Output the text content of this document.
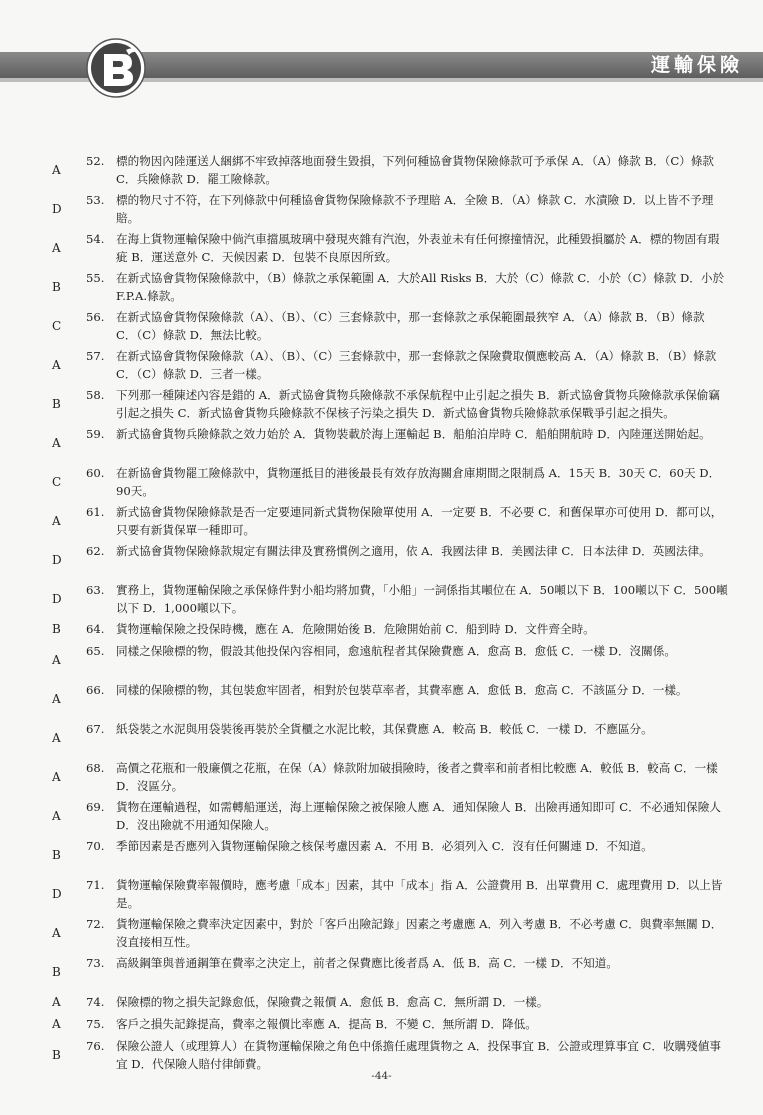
運輸保險
A
52. 標的物因內陸運送人綑綁不牢致掉落地面發生毀損，下列何種協會貨物保險條款可予承保 A．（A）條款 B．（C）條款 C．兵險條款 D．罷工險條款。
D
53. 標的物尺寸不符，在下列條款中何種協會貨物保險條款不予理賠 A．全險 B．（A）條款 C．水漬險 D．以上皆不予理賠。
A
54. 在海上貨物運輸保險中倘汽車擋風玻璃中發現夾雜有汽泡，外表並未有任何擦撞情況，此種毀損屬於 A．標的物固有瑕疵 B．運送意外 C．天候因素 D．包裝不良原因所致。
B
55. 在新式協會貨物保險條款中，（B）條款之承保範圍 A．大於All Risks B．大於（C）條款 C．小於（C）條款 D．小於F.P.A.條款。
C
56. 在新式協會貨物保險條款（A）、（B）、（C）三套條款中，那一套條款之承保範圍最狹窄 A．（A）條款 B．（B）條款 C．（C）條款 D．無法比較。
A
57. 在新式協會貨物保險條款（A）、（B）、（C）三套條款中，那一套條款之保險費取價應較高 A．（A）條款 B．（B）條款 C．（C）條款 D．三者一樣。
B
58. 下列那一種陳述內容是錯的 A．新式協會貨物兵險條款不承保航程中止引起之損失 B．新式協會貨物兵險條款承保偷竊引起之損失 C．新式協會貨物兵險條款不保核子污染之損失 D．新式協會貨物兵險條款承保戰爭引起之損失。
A
59. 新式協會貨物兵險條款之效力始於 A．貨物裝載於海上運輸起 B．船舶泊岸時 C．船舶開航時 D．內陸運送開始起。
C
60. 在新協會貨物罷工險條款中，貨物運抵目的港後最長有效存放海關倉庫期間之限制爲 A．15天 B．30天 C．60天 D．90天。
A
61. 新式協會貨物保險條款是否一定要連同新式貨物保險單使用 A．一定要 B．不必要 C．和舊保單亦可使用 D．都可以，只要有新貨保單一種即可。
D
62. 新式協會貨物保險條款規定有關法律及實務慣例之適用，依 A．我國法律 B．美國法律 C．日本法律 D．英國法律。
D
63. 實務上，貨物運輸保險之承保條件對小船均將加費，「小船」一詞係指其噸位在 A．50噸以下 B．100噸以下 C．500噸以下 D．1,000噸以下。
B	64. 貨物運輸保險之投保時機，應在 A．危險開始後 B．危險開始前 C．船到時 D．文件齊全時。
A
65. 同樣之保險標的物，假設其他投保內容相同，愈遠航程者其保險費應 A．愈高 B．愈低 C．一樣 D．沒關係。
A
66. 同樣的保險標的物，其包裝愈牢固者，相對於包裝草率者，其費率應 A．愈低 B．愈高 C．不該區分 D．一樣。
A
67. 紙袋裝之水泥與用袋裝後再裝於全貨櫃之水泥比較，其保費應 A．較高 B．較低 C．一樣 D．不應區分。
A
68. 高價之花瓶和一般廉價之花瓶，在保（A）條款附加破損險時，後者之費率和前者相比較應 A．較低 B．較高 C．一樣 D．沒區分。
A
69. 貨物在運輸過程，如需轉船運送，海上運輸保險之被保險人應 A．通知保險人 B．出險再通知即可 C．不必通知保險人 D．沒出險就不用通知保險人。
B
70. 季節因素是否應列入貨物運輸保險之核保考慮因素 A．不用 B．必須列入 C．沒有任何關連 D．不知道。
D
71. 貨物運輸保險費率報價時，應考慮「成本」因素，其中「成本」指 A．公證費用 B．出單費用 C．處理費用 D．以上皆是。
A
72. 貨物運輸保險之費率決定因素中，對於「客戶出險記錄」因素之考慮應 A．列入考慮 B．不必考慮 C．與費率無關 D．沒直接相互性。
B
73. 高級鋼筆與普通鋼筆在費率之決定上，前者之保費應比後者爲 A．低 B．高 C．一樣 D．不知道。
A	74. 保險標的物之損失記錄愈低，保險費之報價 A．愈低 B．愈高 C．無所謂 D．一樣。
A	75. 客戶之損失記錄提高，費率之報價比率應 A．提高 B．不變 C．無所謂 D．降低。
B
76. 保險公證人（或理算人）在貨物運輸保險之角色中係擔任處理貨物之 A．投保事宜 B．公證或理算事宜 C．收購殘値事宜 D．代保險人賠付律師費。
-44-
